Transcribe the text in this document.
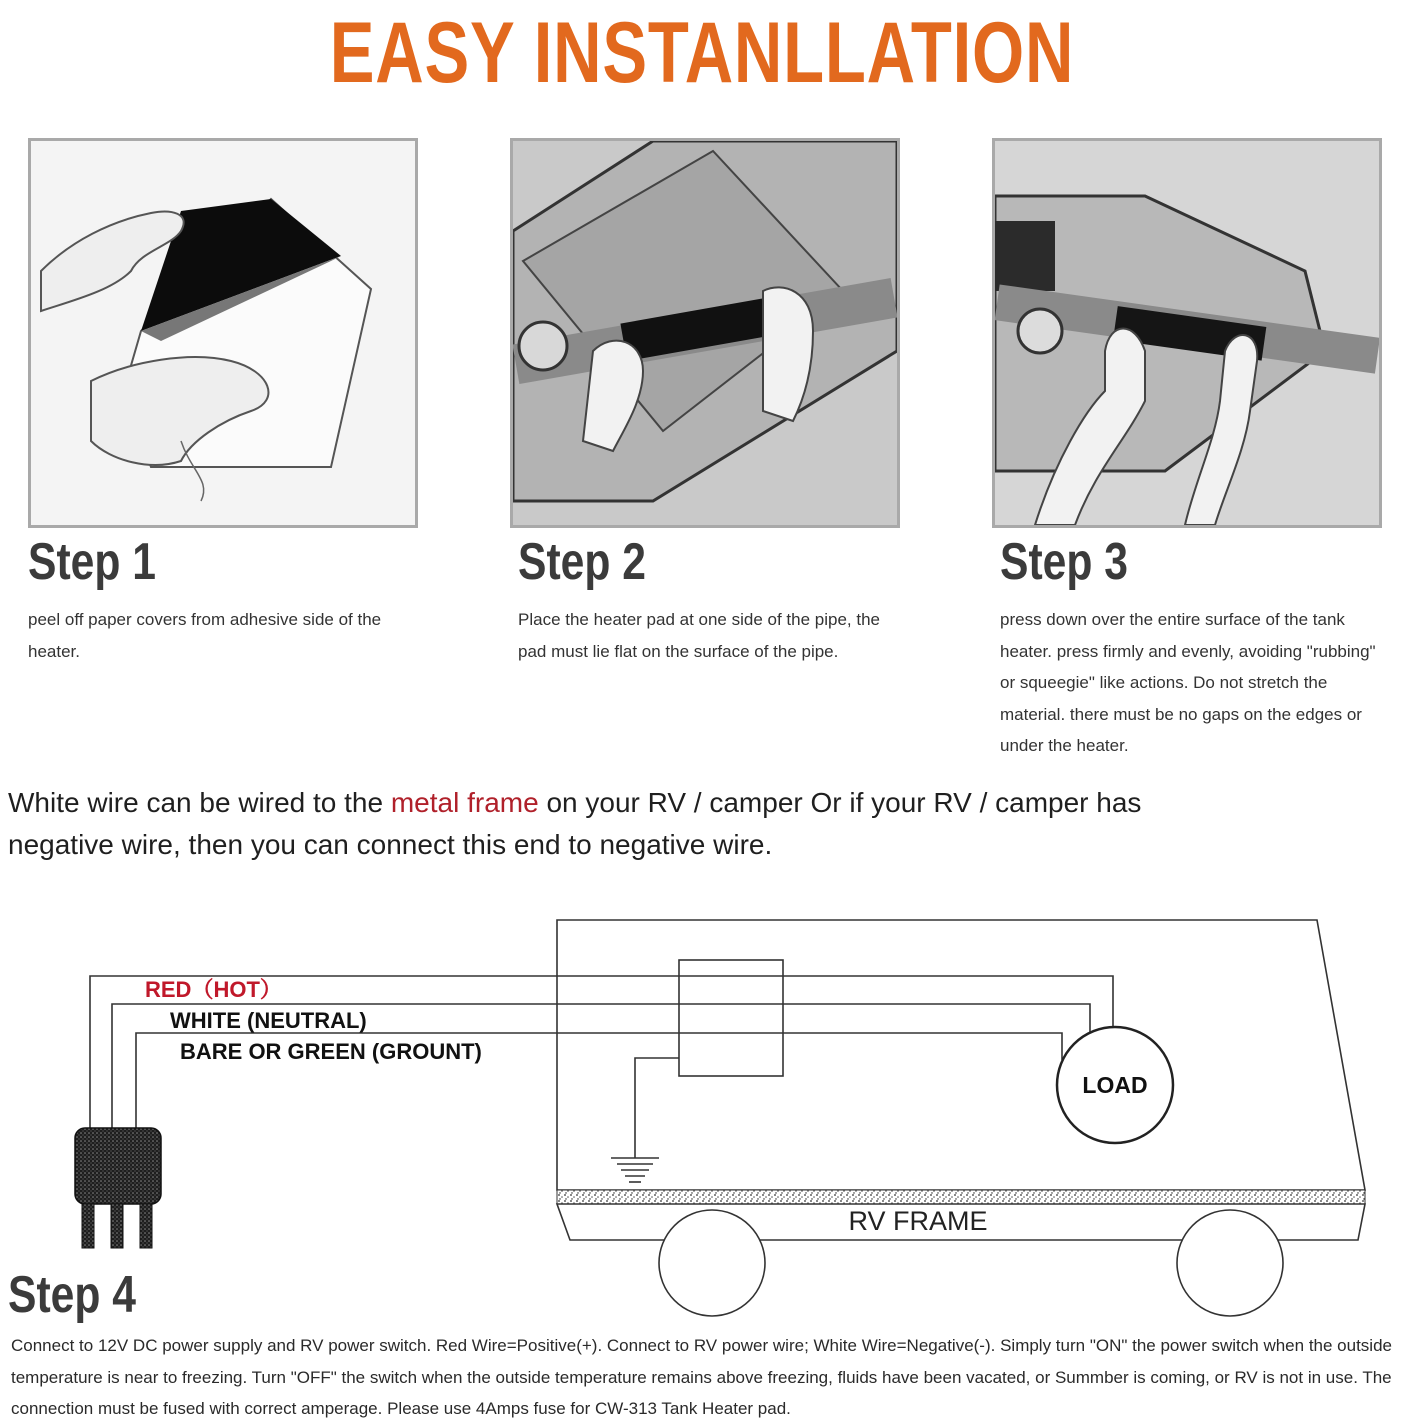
EASY INSTANLLATION
Step 1
peel off paper covers from adhesive side of the heater.
Step 2
Place the heater pad at one side of the pipe, the pad must lie flat on the surface of the pipe.
Step 3
press down over the entire surface of the tank heater. press firmly and evenly, avoiding "rubbing" or squeegie" like actions. Do not stretch the material. there must be no gaps on the edges or under the heater.
White wire can be wired to the metal frame on your RV / camper Or if your RV / camper has negative wire, then you can connect this end to negative wire.
RV FRAME
LOAD
RED（HOT）
WHITE (NEUTRAL)
BARE OR GREEN (GROUNT)
Step 4
Connect to 12V DC power supply and RV power switch. Red Wire=Positive(+). Connect to RV power wire; White Wire=Negative(-). Simply turn "ON" the power switch when the outside temperature is near to freezing. Turn "OFF" the switch when the outside temperature remains above freezing, fluids have been vacated, or Summber is coming, or RV is not in use. The connection must be fused with correct amperage. Please use 4Amps fuse for CW-313 Tank Heater pad.
